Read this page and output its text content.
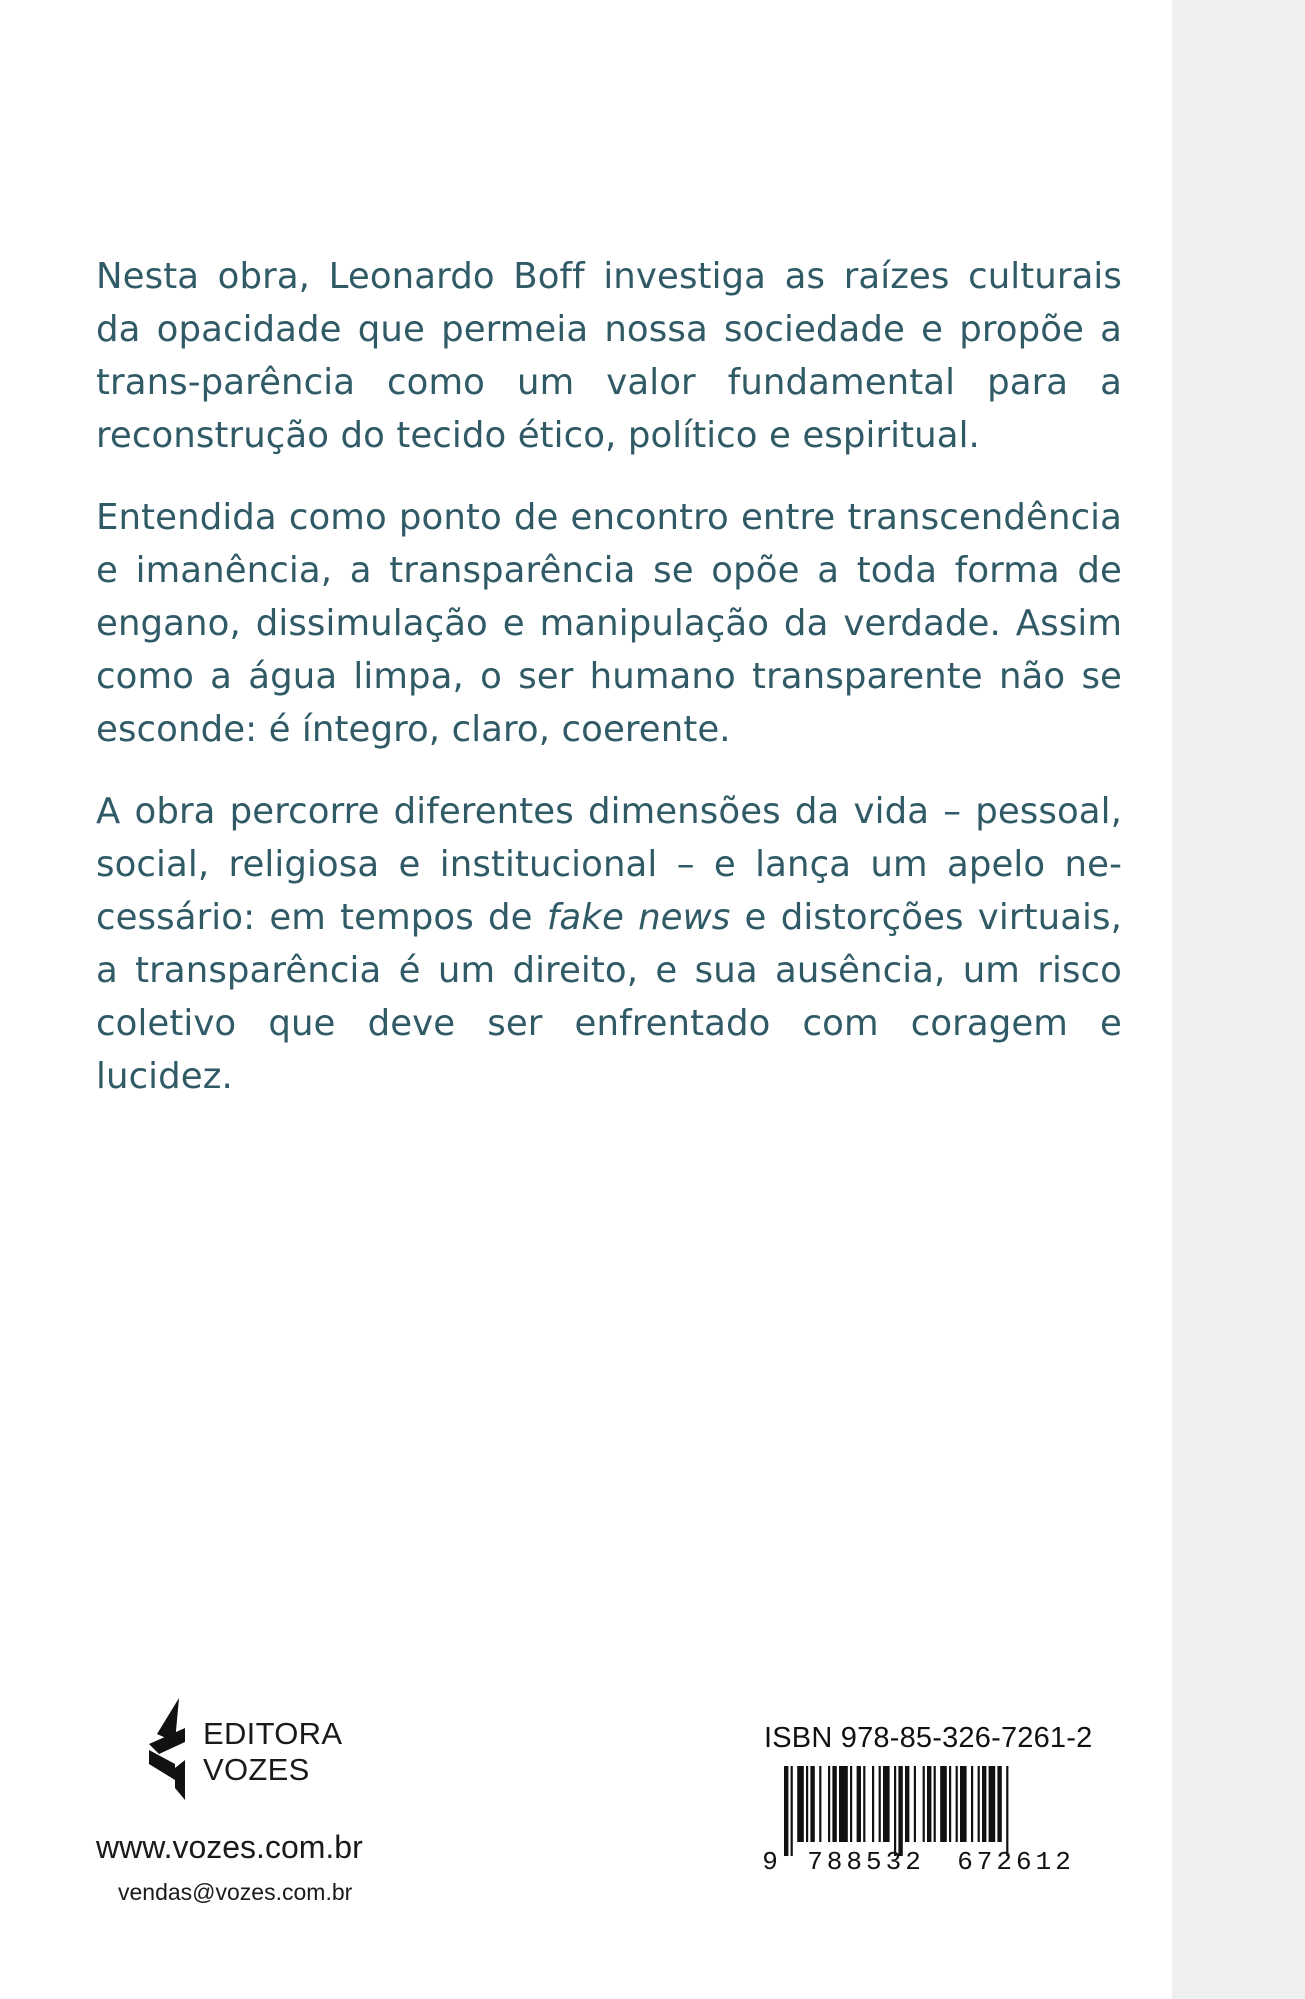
Nesta obra, Leonardo Boff investiga as raízes culturais da opacidade que permeia nossa sociedade e propõe a trans-parência como um valor fundamental para a reconstrução do tecido ético, político e espiritual.

Entendida como ponto de encontro entre transcendência e imanência, a transparência se opõe a toda forma de engano, dissimulação e manipulação da verdade. Assim como a água limpa, o ser humano transparente não se esconde: é íntegro, claro, coerente.

A obra percorre diferentes dimensões da vida – pessoal, social, religiosa e institucional – e lança um apelo ne-cessário: em tempos de fake news e distorções virtuais, a transparência é um direito, e sua ausência, um risco coletivo que deve ser enfrentado com coragem e lucidez.

EDITORA
VOZES
www.vozes.com.br
vendas@vozes.com.br
ISBN 978-85-326-7261-2
9 788532 672612
